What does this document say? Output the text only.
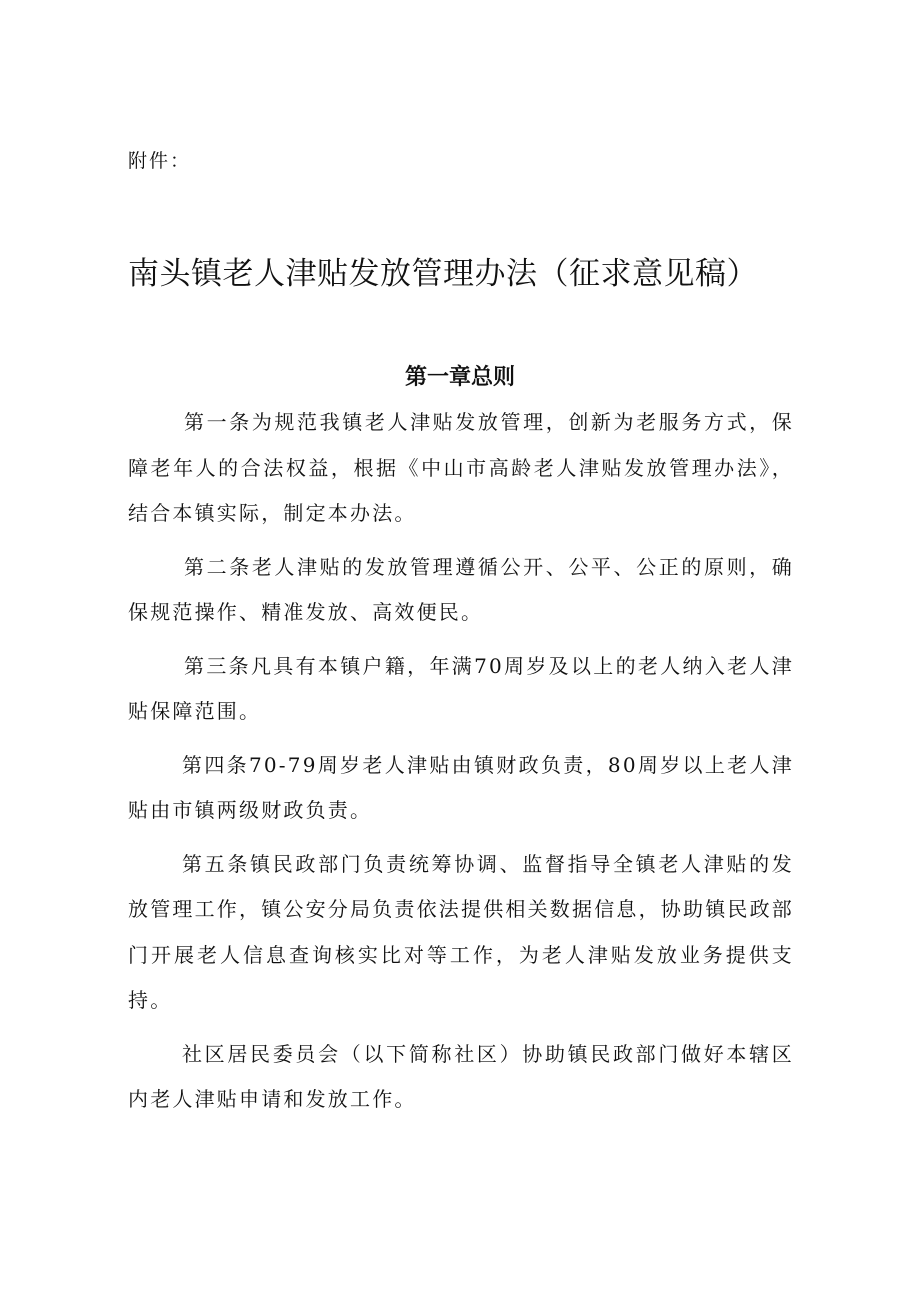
附件：
南头镇老人津贴发放管理办法（征求意见稿）
第一章总则

第一条为规范我镇老人津贴发放管理，创新为老服务方式，保障老年人的合法权益，根据《中山市高龄老人津贴发放管理办法》，结合本镇实际，制定本办法。

第二条老人津贴的发放管理遵循公开、公平、公正的原则，确保规范操作、精准发放、高效便民。

第三条凡具有本镇户籍，年满70周岁及以上的老人纳入老人津贴保障范围。

第四条70-79周岁老人津贴由镇财政负责，80周岁以上老人津贴由市镇两级财政负责。

第五条镇民政部门负责统筹协调、监督指导全镇老人津贴的发放管理工作，镇公安分局负责依法提供相关数据信息，协助镇民政部门开展老人信息查询核实比对等工作，为老人津贴发放业务提供支持。

社区居民委员会（以下简称社区）协助镇民政部门做好本辖区内老人津贴申请和发放工作。
